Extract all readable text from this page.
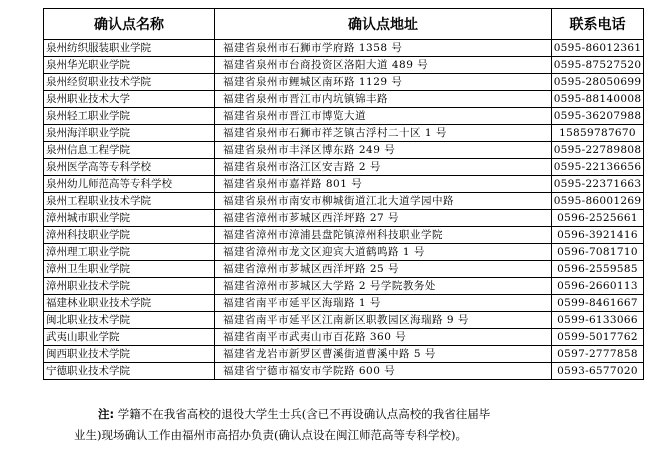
确认点名称	确认点地址	联系电话
泉州纺织服装职业学院	福建省泉州市石狮市学府路 1358 号	0595-86012361
泉州华光职业学院	福建省泉州市台商投资区洛阳大道 489 号	0595-87527520
泉州经贸职业技术学院	福建省泉州市鲤城区南环路 1129 号	0595-28050699
泉州职业技术大学	福建省泉州市晋江市内坑镇锦丰路	0595-88140008
泉州轻工职业学院	福建省泉州市晋江市博览大道	0595-36207988
泉州海洋职业学院	福建省泉州市石狮市祥芝镇古浮村二十区 1 号	15859787670
泉州信息工程学院	福建省泉州市丰泽区博东路 249 号	0595-22789808
泉州医学高等专科学校	福建省泉州市洛江区安吉路 2 号	0595-22136656
泉州幼儿师范高等专科学校	福建省泉州市嘉祥路 801 号	0595-22371663
泉州工程职业技术学院	福建省泉州市南安市柳城街道江北大道学园中路	0595-86001269
漳州城市职业学院	福建省漳州市芗城区西洋坪路 27 号	0596-2525661
漳州科技职业学院	福建省漳州市漳浦县盘陀镇漳州科技职业学院	0596-3921416
漳州理工职业学院	福建省漳州市龙文区迎宾大道鹤鸣路 1 号	0596-7081710
漳州卫生职业学院	福建省漳州市芗城区西洋坪路 25 号	0596-2559585
漳州职业技术学院	福建省漳州市芗城区大学路 2 号学院教务处	0596-2660113
福建林业职业技术学院	福建省南平市延平区海瑞路 1 号	0599-8461667
闽北职业技术学院	福建省南平市延平区江南新区职教园区海瑞路 9 号	0599-6133066
武夷山职业学院	福建省南平市武夷山市百花路 360 号	0599-5017762
闽西职业技术学院	福建省龙岩市新罗区曹溪街道曹溪中路 5 号	0597-2777858
宁德职业技术学院	福建省宁德市福安市学院路 600 号	0593-6577020
注: 学籍不在我省高校的退役大学生士兵(含已不再设确认点高校的我省往届毕
业生)现场确认工作由福州市高招办负责(确认点设在闽江师范高等专科学校)。
